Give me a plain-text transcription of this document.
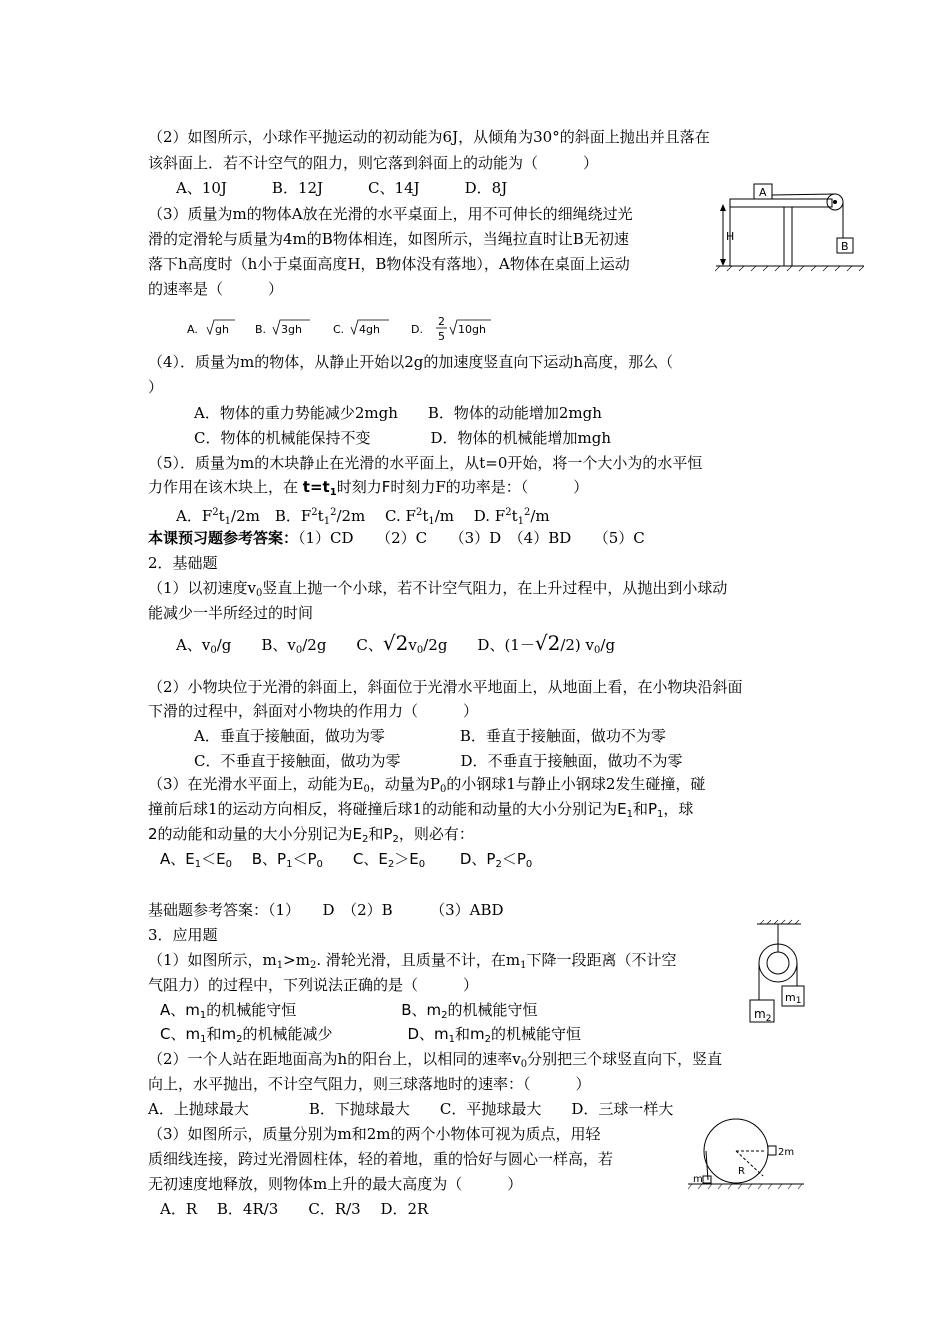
（2）如图所示，小球作平抛运动的初动能为6J，从倾角为30°的斜面上抛出并且落在
该斜面上．若不计空气的阻力，则它落到斜面上的动能为（　　　）
A、10J　　　B．12J　　　C、14J　　　D．8J
（3）质量为m的物体A放在光滑的水平桌面上，用不可伸长的细绳绕过光
滑的定滑轮与质量为4m的B物体相连，如图所示，当绳拉直时让B无初速
落下h高度时（h小于桌面高度H，B物体没有落地），A物体在桌面上运动
的速率是（　　　）
A
B
H
A. gh B. 3gh	C. 4gh	D.
2
5
10gh
（4）．质量为m的物体，从静止开始以2g的加速度竖直向下运动h高度，那么（
）
A．物体的重力势能减少2mgh　　B．物体的动能增加2mgh
C．物体的机械能保持不变　　　　D．物体的机械能增加mgh
（5）．质量为m的木块静止在光滑的水平面上，从t=0开始，将一个大小为的水平恒
力作用在该木块上，在 $t=t_1$时刻力F时刻力F的功率是：（　　　）
A．$F^2t_1/2m$　B．$F^2t_1^2/2m$　 C. $F^2t_1/m$　 D. $F^2t_1^2/m$
本课预习题参考答案：（1）CD　　（2）C　　（3）D　（4）BD　　（5）C
2．基础题
（1）以初速度$v_0$竖直上抛一个小球，若不计空气阻力，在上升过程中，从抛出到小球动
能减少一半所经过的时间
A、$v_0/g$　　B、$v_0/2g$　　C、$√2v_0/2g$　　D、(1－√2/2) $v_0/g$
（2）小物块位于光滑的斜面上，斜面位于光滑水平地面上，从地面上看，在小物块沿斜面
下滑的过程中，斜面对小物块的作用力（　　　）
A．垂直于接触面，做功为零　　　　　B．垂直于接触面，做功不为零
C．不垂直于接触面，做功为零　　　　D．不垂直于接触面，做功不为零
（3）在光滑水平面上，动能为$E_0$，动量为$P_0$的小钢球1与静止小钢球2发生碰撞，碰
撞前后球1的运动方向相反，将碰撞后球1的动能和动量的大小分别记为$E_1$和$P_1$，球
2的动能和动量的大小分别记为$E_2$和$P_2$，则必有：
A、$E_1<E_0$　 B、$P_1<P_0$　　C、$E_2>E_0$　　 D、$P_2<P_0$
基础题参考答案：（1）　　D　（2）B　　　（3）ABD
3．应用题
（1）如图所示，$m_1>m_2$. 滑轮光滑，且质量不计，在$m_1$下降一段距离（不计空
气阻力）的过程中，下列说法正确的是（　　　）
A、$m_1$的机械能守恒　　　　　　　B、$m_2$的机械能守恒
C、$m_1$和$m_2$的机械能减少　　　　　D、$m_1$和$m_2$的机械能守恒
$m_2$
m1
（2）一个人站在距地面高为h的阳台上，以相同的速率$v_0$分别把三个球竖直向下，竖直
向上，水平抛出，不计空气阻力，则三球落地时的速率：（　　　）
A．上抛球最大　　　　B．下抛球最大　　C．平抛球最大　　D．三球一样大
（3）如图所示，质量分别为m和2m的两个小物体可视为质点，用轻
质细线连接，跨过光滑圆柱体，轻的着地，重的恰好与圆心一样高，若
无初速度地释放，则物体m上升的最大高度为（　　　）
A．R　 B．4R/3　　C．R/3　 D．2R
2m
m
R
